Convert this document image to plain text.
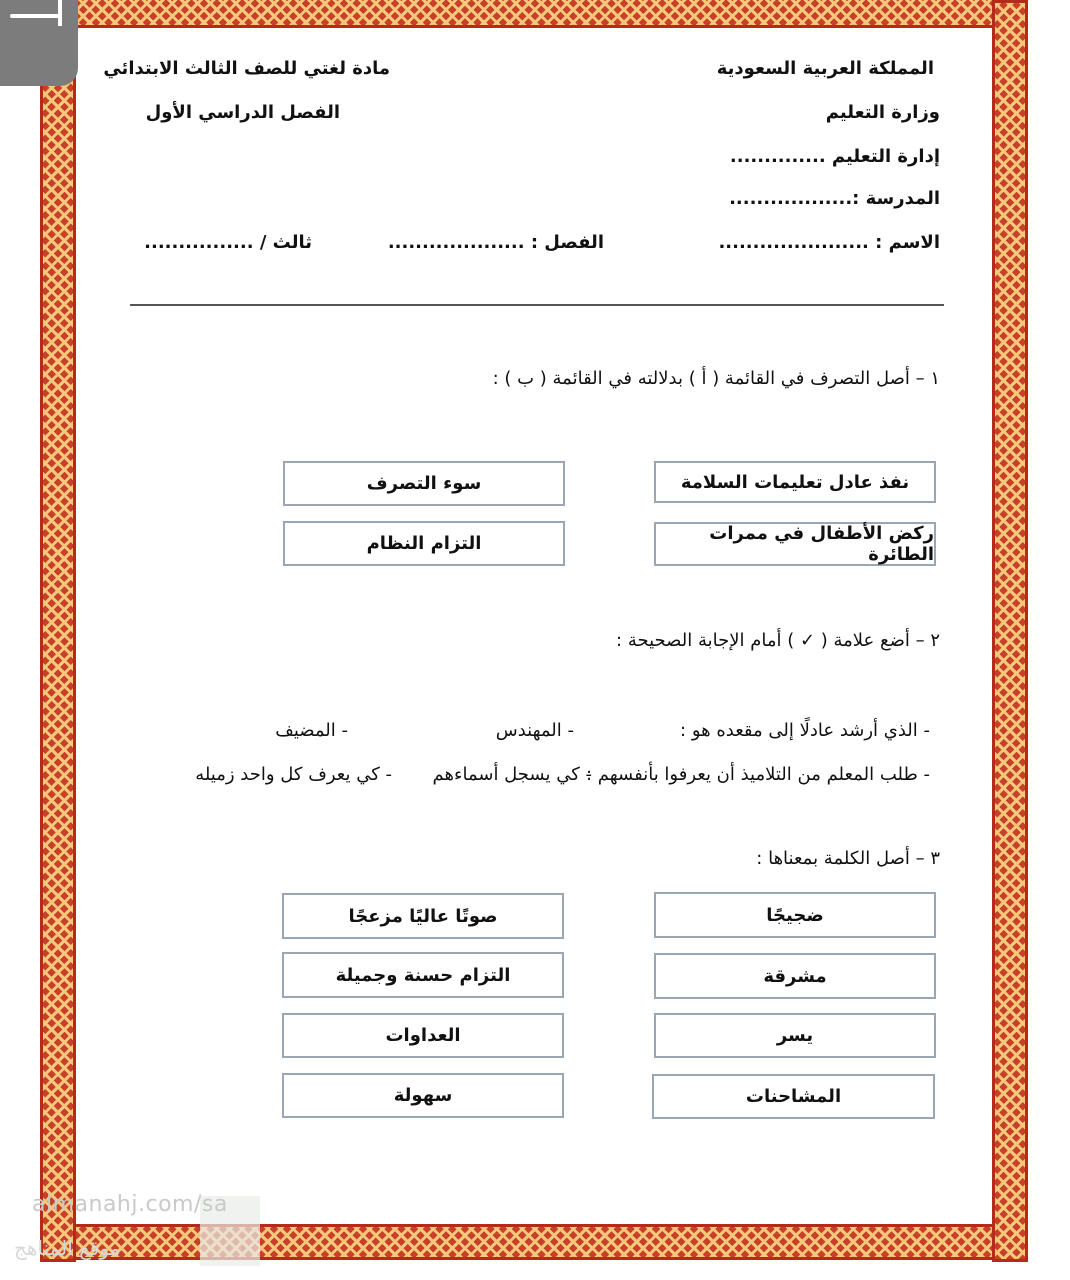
المملكة العربية السعودية
وزارة التعليم
إدارة التعليم ..............
المدرسة :..................
مادة لغتي للصف الثالث الابتدائي
الفصل الدراسي الأول
الاسم : ......................
الفصل : ....................
ثالث / ................
١ – أصل التصرف في القائمة ( أ ) بدلالته في القائمة ( ب ) :
نفذ عادل تعليمات السلامة
ركض الأطفال في ممرات الطائرة
سوء التصرف
التزام النظام
٢ – أضع علامة ( ✓ ) أمام الإجابة الصحيحة :
- الذي أرشد عادلًا إلى مقعده هو :
- المهندس
- المضيف
- طلب المعلم من التلاميذ أن يعرفوا بأنفسهم :
- كي يسجل أسماءهم
- كي يعرف كل واحد زميله
٣ – أصل الكلمة بمعناها :
ضجيجًا
مشرقة
يسر
المشاحنات
صوتًا عاليًا مزعجًا
التزام حسنة وجميلة
العداوات
سهولة
almanahj.com/sa
موقع المناهج
